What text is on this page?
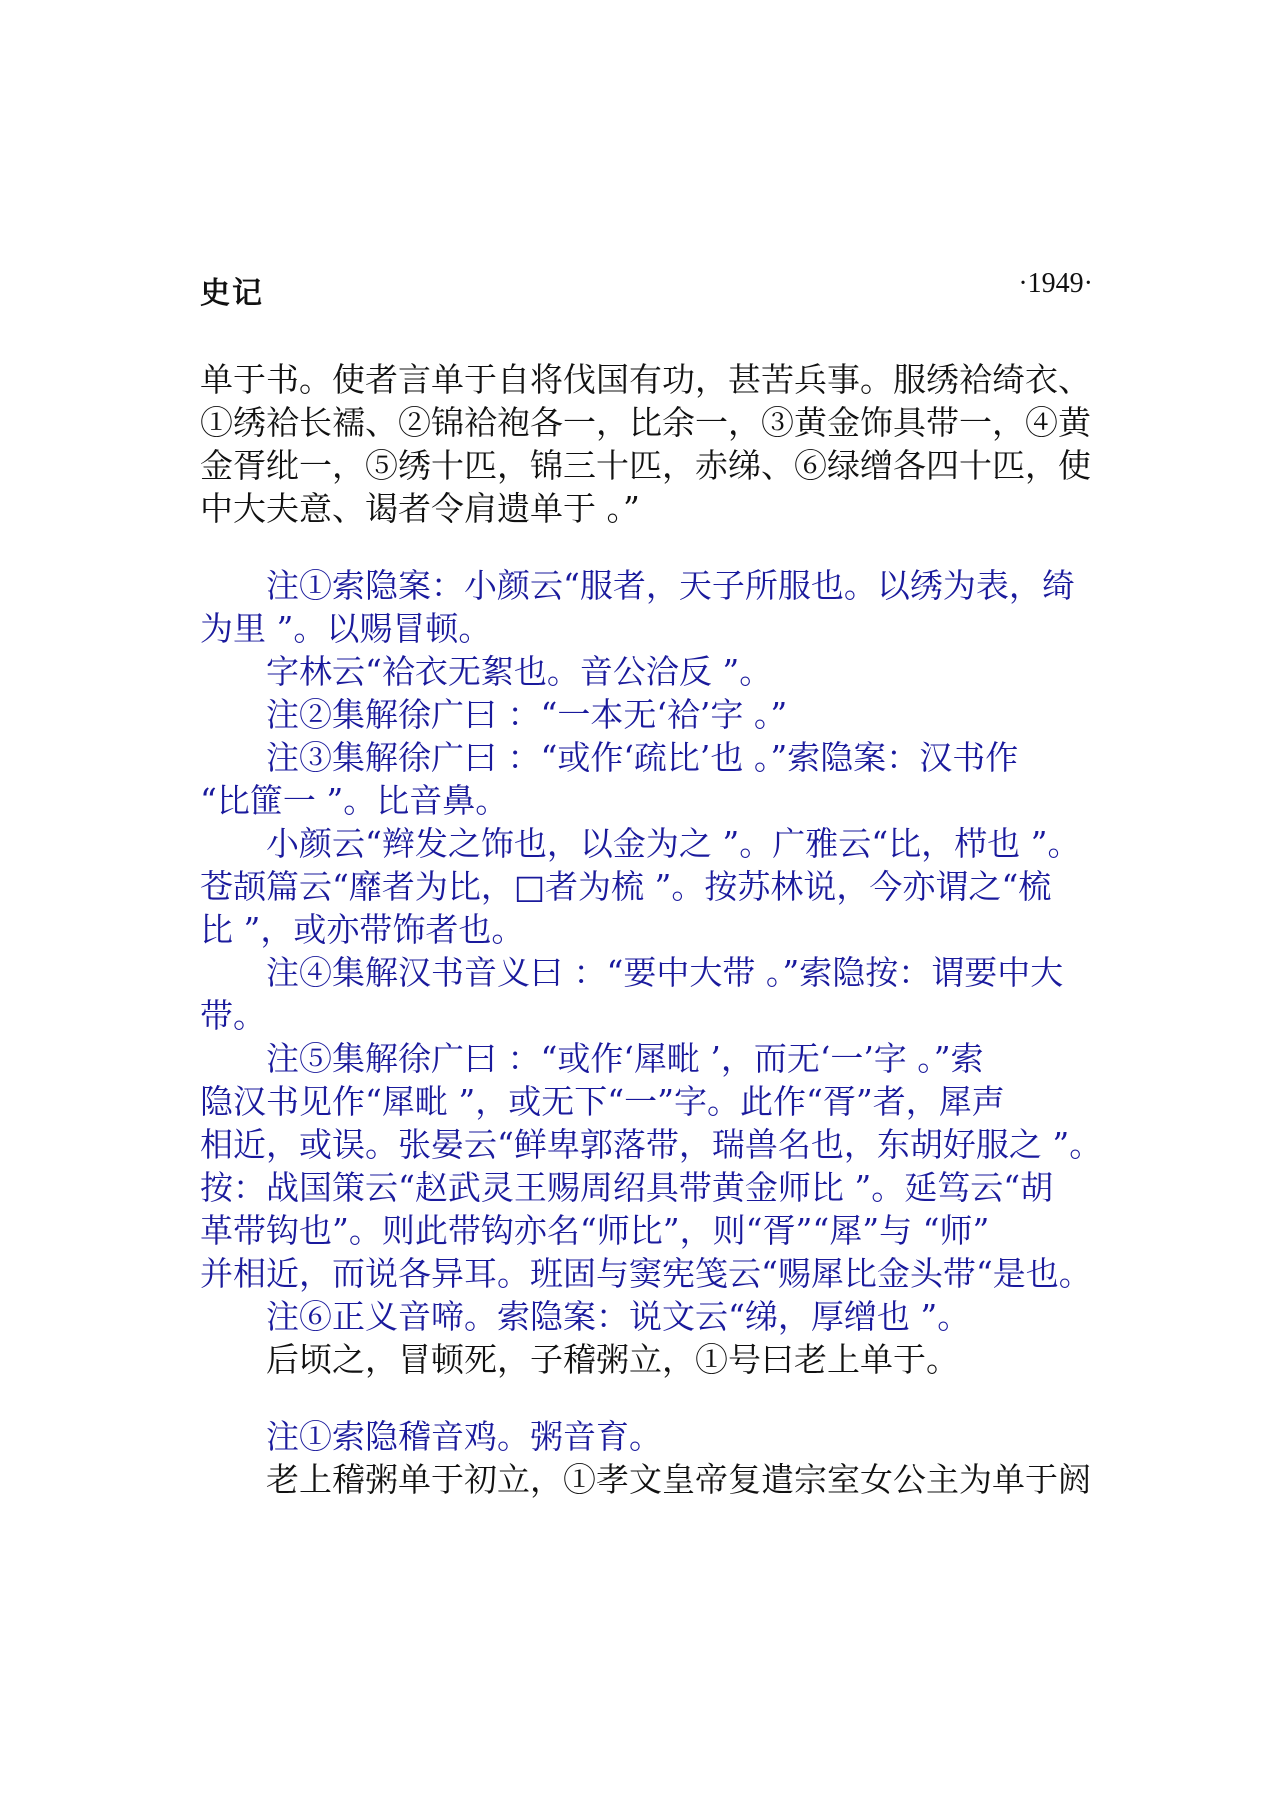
史记	·1949·
单于书。使者言单于自将伐国有功，甚苦兵事。服绣袷绮衣、
①绣袷长襦、②锦袷袍各一，比余一，③黄金饰具带一，④黄
金胥纰一，⑤绣十匹，锦三十匹，赤绨、⑥绿缯各四十匹，使
中大夫意、谒者令肩遗单于 。”
注①索隐案：小颜云“服者，天子所服也。以绣为表，绮
为里 ”。以赐冒顿。
字林云“袷衣无絮也。音公洽反 ”。
注②集解徐广曰 ：“一本无‘袷’字 。”
注③集解徐广曰 ：“或作‘疏比’也 。”索隐案：汉书作
“比篚一 ”。比音鼻。
小颜云“辫发之饰也，以金为之 ”。广雅云“比，栉也 ”。
苍颉篇云“靡者为比，□者为梳 ”。按苏林说，今亦谓之“梳
比 ”，或亦带饰者也。
注④集解汉书音义曰 ：“要中大带 。”索隐按：谓要中大
带。
注⑤集解徐广曰 ：“或作‘犀毗 ’，而无‘一’字 。”索
隐汉书见作“犀毗 ”，或无下“一”字。此作“胥”者，犀声
相近，或误。张晏云“鲜卑郭落带，瑞兽名也，东胡好服之 ”。
按：战国策云“赵武灵王赐周绍具带黄金师比 ”。延笃云“胡
革带钩也”。则此带钩亦名“师比”，则“胥”“犀”与 “师”
并相近，而说各异耳。班固与窦宪笺云“赐犀比金头带“是也。
注⑥正义音啼。索隐案：说文云“绨，厚缯也 ”。
后顷之，冒顿死，子稽粥立，①号曰老上单于。
注①索隐稽音鸡。粥音育。
老上稽粥单于初立，①孝文皇帝复遣宗室女公主为单于阏
